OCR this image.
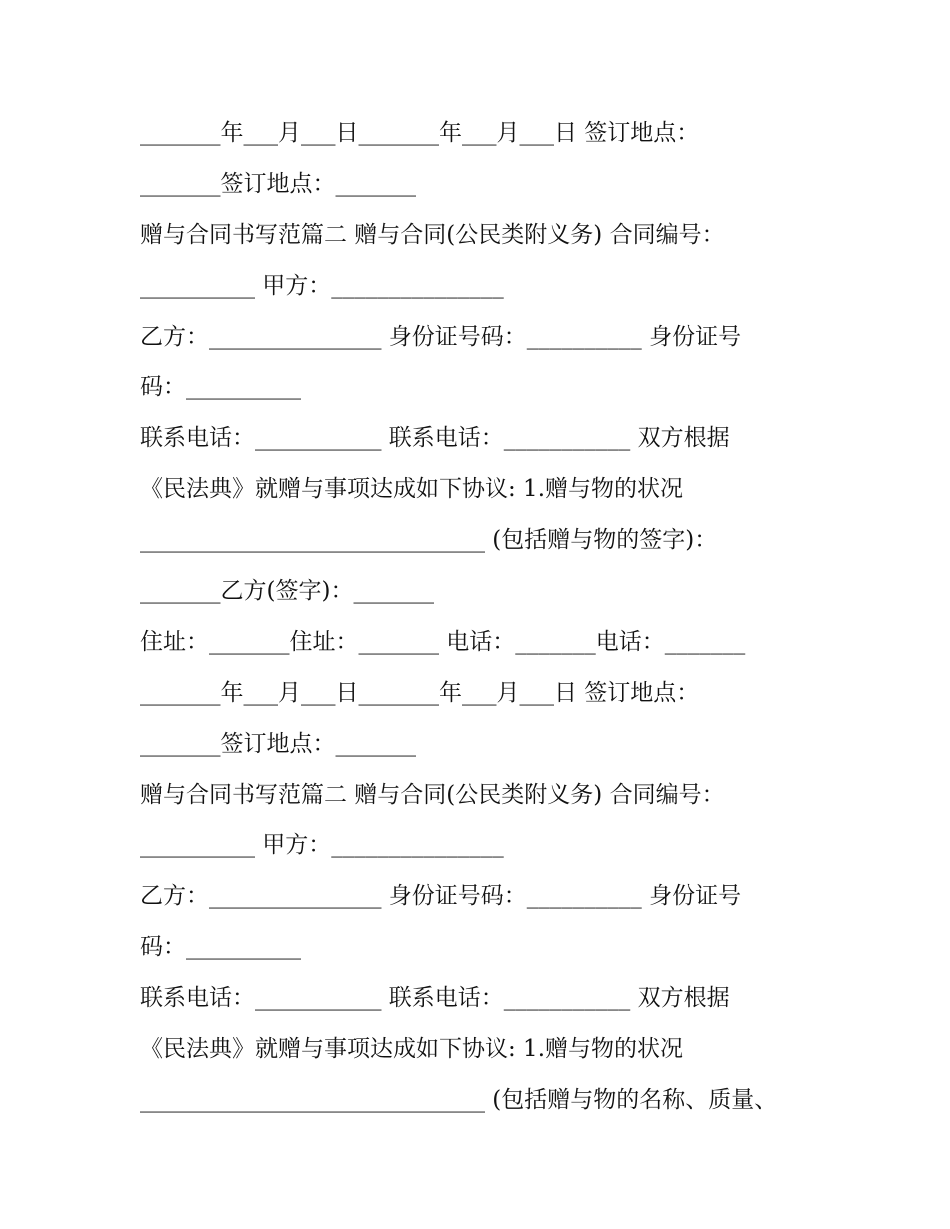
_______年___月___日_______年___月___日 签订地点：
_______签订地点：_______
赠与合同书写范篇二 赠与合同(公民类附义务) 合同编号：
__________ 甲方：_______________
乙方：_______________ 身份证号码：__________ 身份证号
码：__________
联系电话：___________ 联系电话：___________ 双方根据
《民法典》就赠与事项达成如下协议: 1.赠与物的状况
______________________________ (包括赠与物的签字)：
_______乙方(签字)：_______
住址：_______住址：_______ 电话：_______电话：_______
_______年___月___日_______年___月___日 签订地点：
_______签订地点：_______
赠与合同书写范篇二 赠与合同(公民类附义务) 合同编号：
__________ 甲方：_______________
乙方：_______________ 身份证号码：__________ 身份证号
码：__________
联系电话：___________ 联系电话：___________ 双方根据
《民法典》就赠与事项达成如下协议: 1.赠与物的状况
______________________________ (包括赠与物的名称、质量、
